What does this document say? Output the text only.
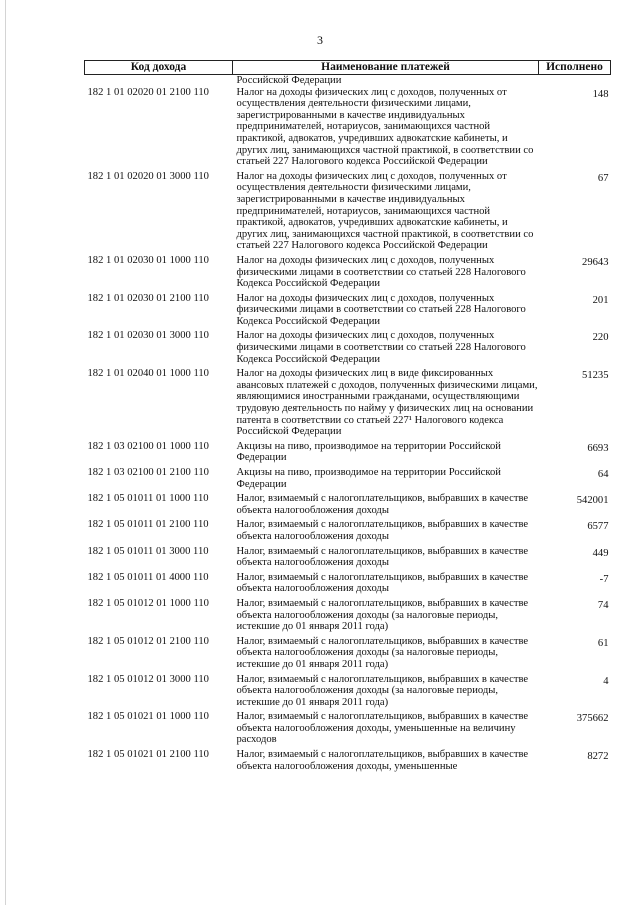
3
Код дохода	Наименование платежей	Исполнено
	Российской Федерации	
182 1 01 02020 01 2100 110	Налог на доходы физических лиц с доходов, полученных от осуществления деятельности физическими лицами, зарегистрированными в качестве индивидуальных предпринимателей, нотариусов, занимающихся частной практикой, адвокатов, учредивших адвокатские кабинеты, и других лиц, занимающихся частной практикой, в соответствии со статьей 227 Налогового кодекса Российской Федерации	148
182 1 01 02020 01 3000 110	Налог на доходы физических лиц с доходов, полученных от осуществления деятельности физическими лицами, зарегистрированными в качестве индивидуальных предпринимателей, нотариусов, занимающихся частной практикой, адвокатов, учредивших адвокатские кабинеты, и других лиц, занимающихся частной практикой, в соответствии со статьей 227 Налогового кодекса Российской Федерации	67
182 1 01 02030 01 1000 110	Налог на доходы физических лиц с доходов, полученных физическими лицами в соответствии со статьей 228 Налогового Кодекса Российской Федерации	29643
182 1 01 02030 01 2100 110	Налог на доходы физических лиц с доходов, полученных физическими лицами в соответствии со статьей 228 Налогового Кодекса Российской Федерации	201
182 1 01 02030 01 3000 110	Налог на доходы физических лиц с доходов, полученных физическими лицами в соответствии со статьей 228 Налогового Кодекса Российской Федерации	220
182 1 01 02040 01 1000 110	Налог на доходы физических лиц в виде фиксированных авансовых платежей с доходов, полученных физическими лицами, являющимися иностранными гражданами, осуществляющими трудовую деятельность по найму у физических лиц на основании патента в соответствии со статьей 227¹ Налогового кодекса Российской Федерации	51235
182 1 03 02100 01 1000 110	Акцизы на пиво, производимое на территории Российской Федерации	6693
182 1 03 02100 01 2100 110	Акцизы на пиво, производимое на территории Российской Федерации	64
182 1 05 01011 01 1000 110	Налог, взимаемый с налогоплательщиков, выбравших в качестве объекта налогообложения доходы	542001
182 1 05 01011 01 2100 110	Налог, взимаемый с налогоплательщиков, выбравших в качестве объекта налогообложения доходы	6577
182 1 05 01011 01 3000 110	Налог, взимаемый с налогоплательщиков, выбравших в качестве объекта налогообложения доходы	449
182 1 05 01011 01 4000 110	Налог, взимаемый с налогоплательщиков, выбравших в качестве объекта налогообложения доходы	-7
182 1 05 01012 01 1000 110	Налог, взимаемый с налогоплательщиков, выбравших в качестве объекта налогообложения доходы (за налоговые периоды, истекшие до 01 января 2011 года)	74
182 1 05 01012 01 2100 110	Налог, взимаемый с налогоплательщиков, выбравших в качестве объекта налогообложения доходы (за налоговые периоды, истекшие до 01 января 2011 года)	61
182 1 05 01012 01 3000 110	Налог, взимаемый с налогоплательщиков, выбравших в качестве объекта налогообложения доходы (за налоговые периоды, истекшие до 01 января 2011 года)	4
182 1 05 01021 01 1000 110	Налог, взимаемый с налогоплательщиков, выбравших в качестве объекта налогообложения доходы, уменьшенные на величину расходов	375662
182 1 05 01021 01 2100 110	Налог, взимаемый с налогоплательщиков, выбравших в качестве объекта налогообложения доходы, уменьшенные	8272
